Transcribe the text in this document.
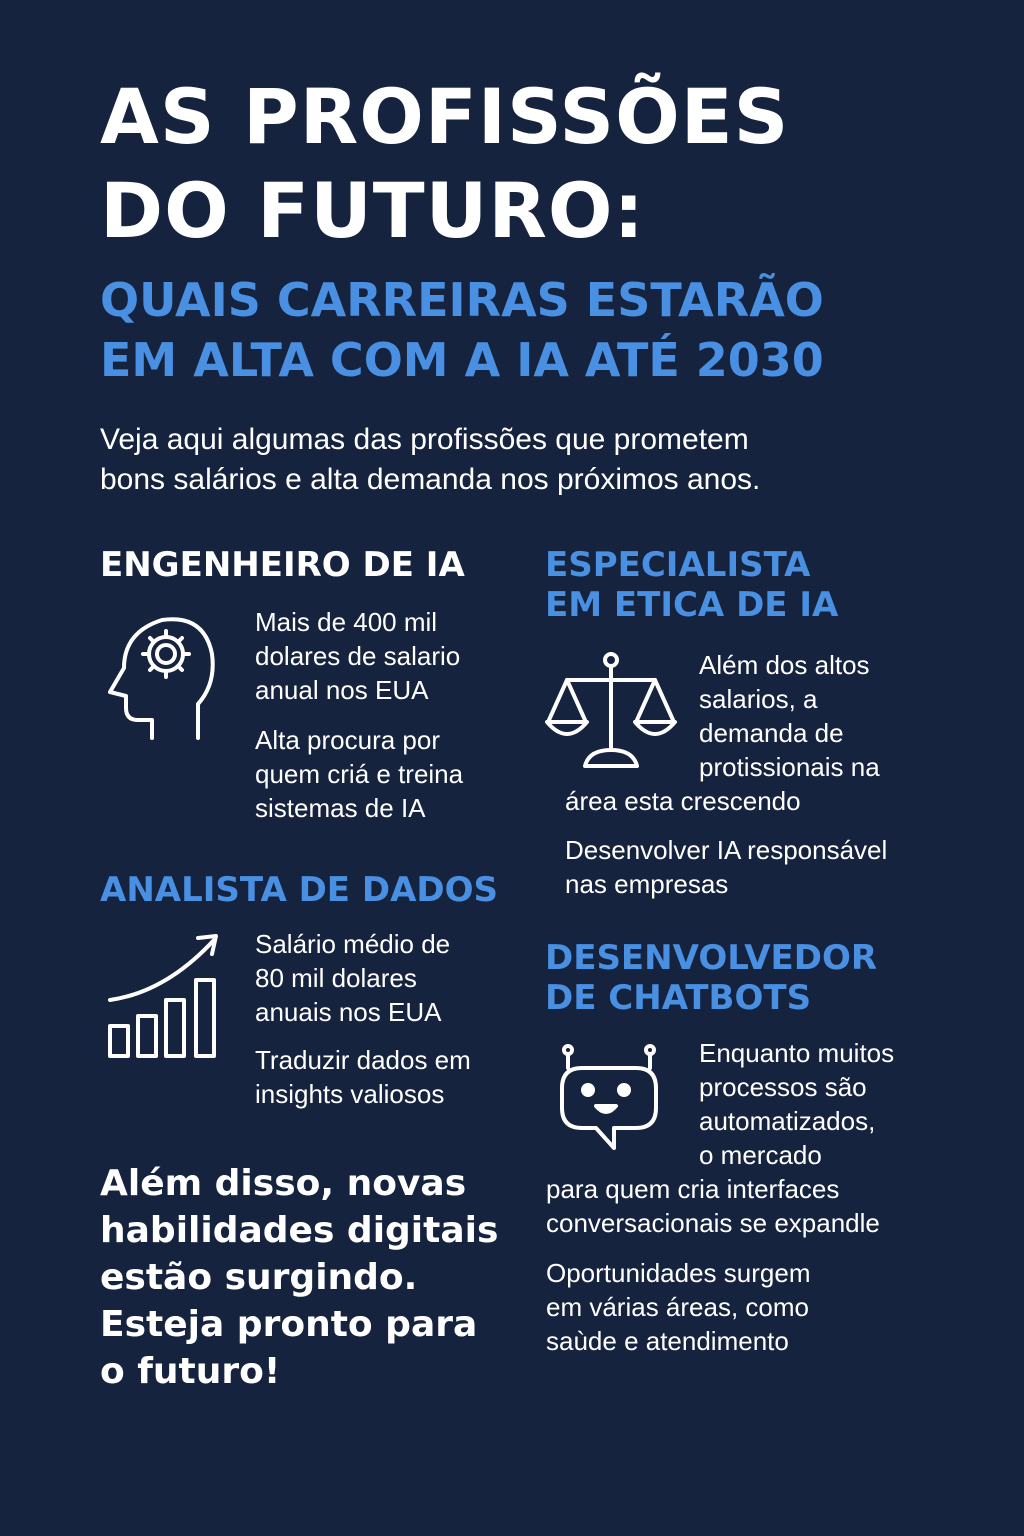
AS PROFISSÕES
DO FUTURO:
QUAIS CARREIRAS ESTARÃO
EM ALTA COM A IA ATÉ 2030
Veja aqui algumas das profissões que prometem
bons salários e alta demanda nos próximos anos.
ENGENHEIRO DE IA
Mais de 400 mil
dolares de salario
anual nos EUA
Alta procura por
quem criá e treina
sistemas de IA
ANALISTA DE DADOS
Salário médio de
80 mil dolares
anuais nos EUA
Traduzir dados em
insights valiosos
ESPECIALISTA
EM ETICA DE IA
Além dos altos
salarios, a
demanda de
protissionais na
área esta crescendo
Desenvolver IA responsável
nas empresas
DESENVOLVEDOR
DE CHATBOTS
Enquanto muitos
processos são
automatizados,
o mercado
para quem cria interfaces
conversacionais se expandle
Oportunidades surgem
em várias áreas, como
saùde e atendimento
Além disso, novas
habilidades digitais
estão surgindo.
Esteja pronto para
o futuro!
